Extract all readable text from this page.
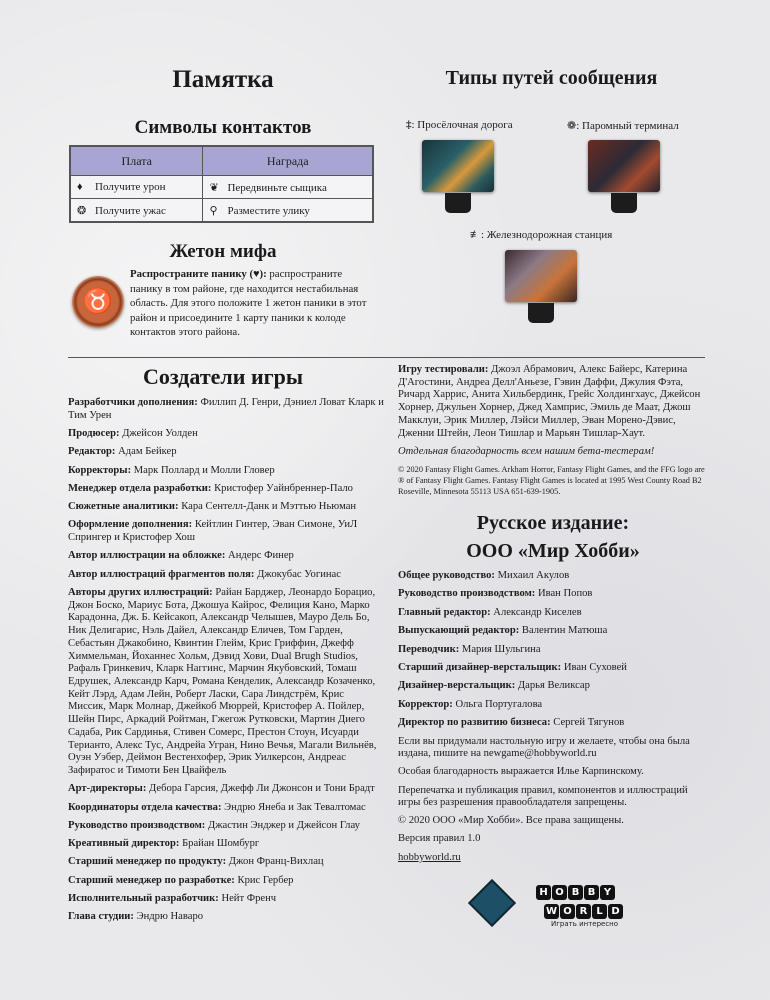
Памятка
Символы контактов
Плата	Награда
♦ Получите урон	❦ Передвиньте сыщика
❂ Получите ужас	⚲ Разместите улику
Жетон мифа
♉
Распространите панику (♥): распространите панику в том районе, где находится нестабильная область. Для этого положите 1 жетон паники в этот район и присоедините 1 карту паники к колоде контактов этого района.
Типы путей сообщения
‡: Просёлочная дорога	❁: Паромный терминал
≢: Железнодорожная станция
Создатели игры

Разработчики дополнения: Филлип Д. Генри, Дэниел Ловат Кларк и Тим Урен

Продюсер: Джейсон Уолден

Редактор: Адам Бейкер

Корректоры: Марк Поллард и Молли Гловер

Менеджер отдела разработки: Кристофер Уайнбреннер-Пало

Сюжетные аналитики: Кара Сентелл-Данк и Мэттью Ньюман

Оформление дополнения: Кейтлин Гинтер, Эван Симоне, УиЛ Спрингер и Кристофер Хош

Автор иллюстрации на обложке: Андерс Финер

Автор иллюстраций фрагментов поля: Джокубас Уогинас

Авторы других иллюстраций: Райан Барджер, Леонардо Борацио, Джон Боско, Мариус Бота, Джошуа Кайрос, Фелиция Кано, Марко Карадонна, Дж. Б. Кейсакоп, Александр Челышев, Мауро Дель Бо, Ник Делигарис, Нэль Дайел, Александр Еличев, Том Гарден, Себастьян Джакобино, Квинтин Глейм, Крис Гриффин, Джефф Химмельман, Йоханнес Хольм, Дэвид Хови, Dual Brugh Studios, Рафаль Гринкевич, Кларк Наггинс, Марчин Якубовский, Томаш Едрушек, Александр Карч, Романа Кенделик, Александр Козаченко, Кейт Лэрд, Адам Лейн, Роберт Ласки, Сара Линдстрём, Крис Миссик, Марк Молнар, Джейкоб Мюррей, Кристофер А. Пойлер, Шейн Пирс, Аркадий Ройтман, Гжегож Рутковски, Мартин Диего Садаба, Рик Сардинья, Стивен Сомерс, Престон Стоун, Исуарди Терианто, Алекс Тус, Андрейа Угран, Нино Вечья, Магали Вильнёв, Оуэн Уэбер, Деймон Вестенхофер, Эрик Уилкерсон, Андреас Зафиратос и Тимоти Бен Цвайфель

Арт-директоры: Дебора Гарсия, Джефф Ли Джонсон и Тони Брадт

Координаторы отдела качества: Эндрю Янеба и Зак Тевалтомас

Руководство производством: Джастин Энджер и Джейсон Глау

Креативный директор: Брайан Шомбург

Старший менеджер по продукту: Джон Франц-Вихлац

Старший менеджер по разработке: Крис Гербер

Исполнительный разработчик: Нейт Френч

Глава студии: Эндрю Наваро

Игру тестировали: Джоэл Абрамович, Алекс Байерс, Катерина Д'Агостини, Андреа Делл'Аньезе, Гэвин Даффи, Джулия Фэта, Ричард Харрис, Анита Хильбердинк, Грейс Холдингхаус, Джейсон Хорнер, Джульен Хорнер, Джед Хамприс, Эмиль де Маат, Джош Макклуи, Эрик Миллер, Лэйси Миллер, Эван Морено-Дэвис, Дженни Штейн, Леон Тишлар и Марьян Тишлар-Хаут.

Отдельная благодарность всем нашим бета-тестерам!

© 2020 Fantasy Flight Games. Arkham Horror, Fantasy Flight Games, and the FFG logo are ® of Fantasy Flight Games. Fantasy Flight Games is located at 1995 West County Road B2 Roseville, Minnesota 55113 USA 651-639-1905.

Русское издание:
ООО «Мир Хобби»

Общее руководство: Михаил Акулов

Руководство производством: Иван Попов

Главный редактор: Александр Киселев

Выпускающий редактор: Валентин Матюша

Переводчик: Мария Шульгина

Старший дизайнер-верстальщик: Иван Суховей

Дизайнер-верстальщик: Дарья Великсар

Корректор: Ольга Португалова

Директор по развитию бизнеса: Сергей Тягунов

Если вы придумали настольную игру и желаете, чтобы она была издана, пишите на newgame@hobbyworld.ru

Особая благодарность выражается Илье Карпинскому.

Перепечатка и публикация правил, компонентов и иллюстраций игры без разрешения правообладателя запрещены.

© 2020 ООО «Мир Хобби». Все права защищены.

Версия правил 1.0

hobbyworld.ru

H O B B Y
W O R L D
Играть интересно
